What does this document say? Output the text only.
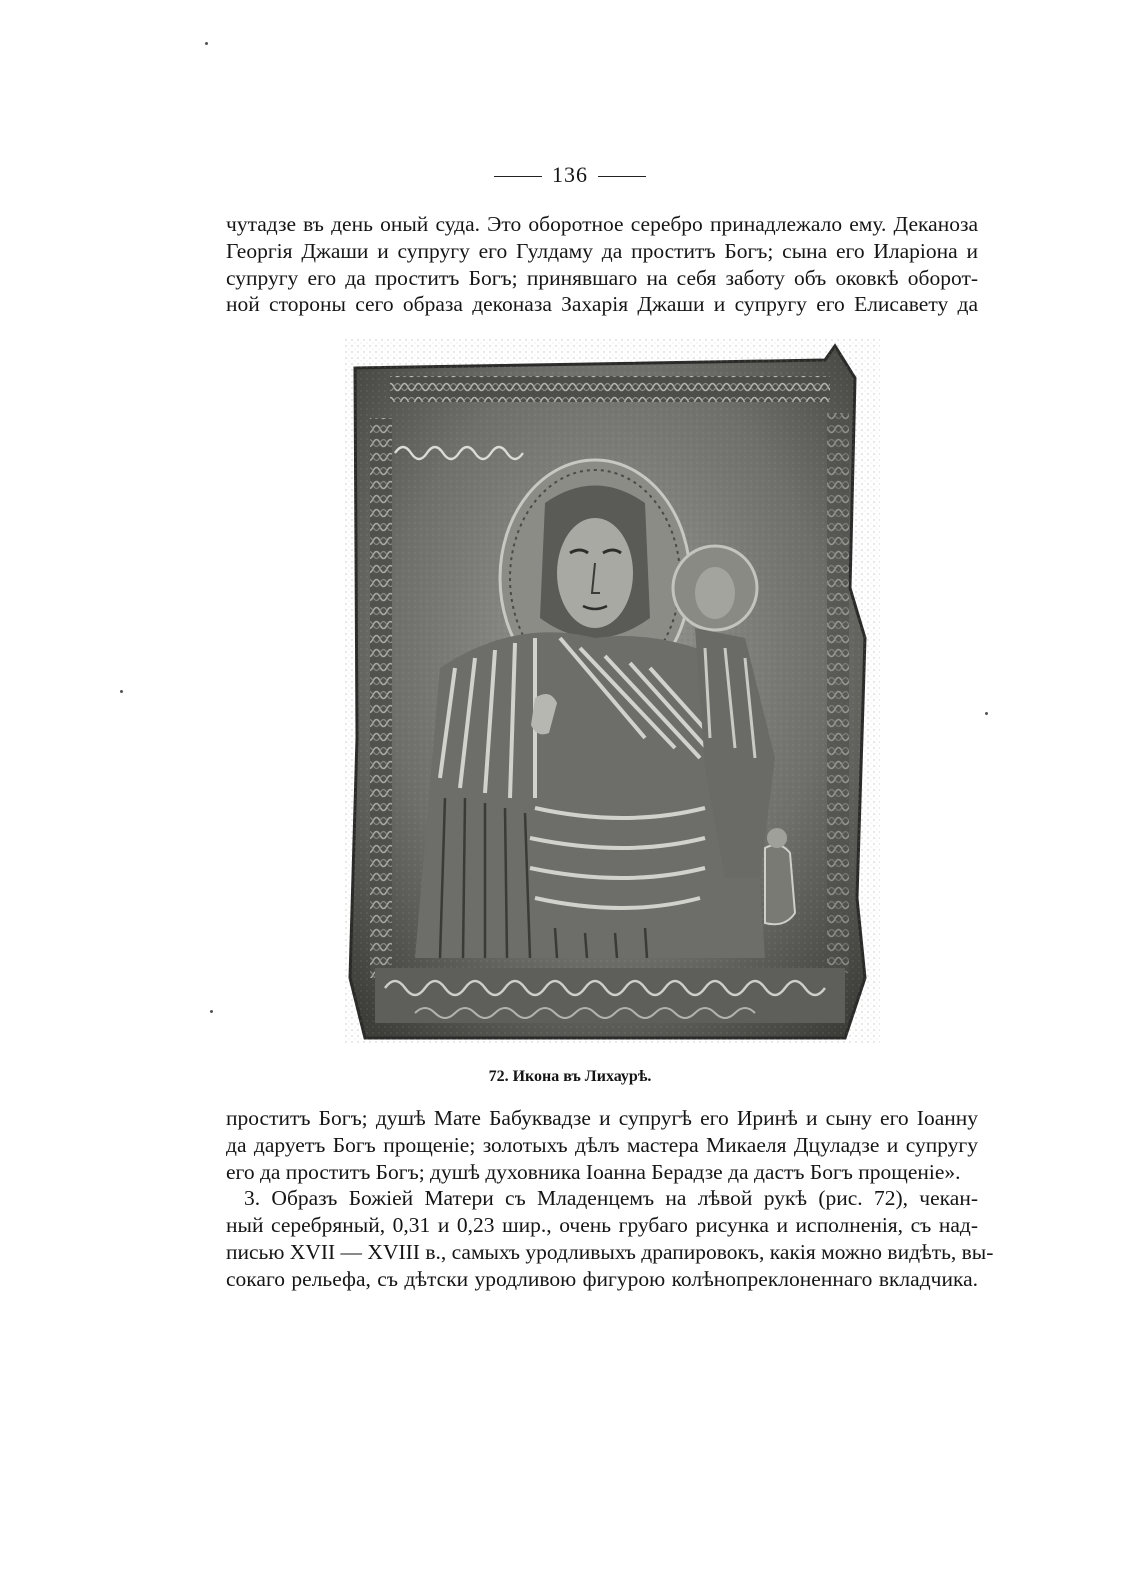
136
чутадзе въ день оный суда. Это оборотное серебро принадлежало ему. Деканоза
Георгія Джаши и супругу его Гулдаму да проститъ Богъ; сына его Иларіона и
супругу его да проститъ Богъ; принявшаго на себя заботу объ оковкѣ оборот-
ной стороны сего образа деконаза Захарія Джаши и супругу его Елисавету да
72. Икона въ Лихаурѣ.
проститъ Богъ; душѣ Мате Бабуквадзе и супругѣ его Иринѣ и сыну его Іоанну
да даруетъ Богъ прощеніе; золотыхъ дѣлъ мастера Микаеля Дцуладзе и супругу
его да проститъ Богъ; душѣ духовника Іоанна Берадзе да дастъ Богъ прощеніе».
3. Образъ Божіей Матери съ Младенцемъ на лѣвой рукѣ (рис. 72), чекан-
ный серебряный, 0,31 и 0,23 шир., очень грубаго рисунка и исполненія, съ над-
писью XVII — XVIII в., самыхъ уродливыхъ драпировокъ, какія можно видѣть, вы-
сокаго рельефа, съ дѣтски уродливою фигурою колѣнопреклоненнаго вкладчика.
